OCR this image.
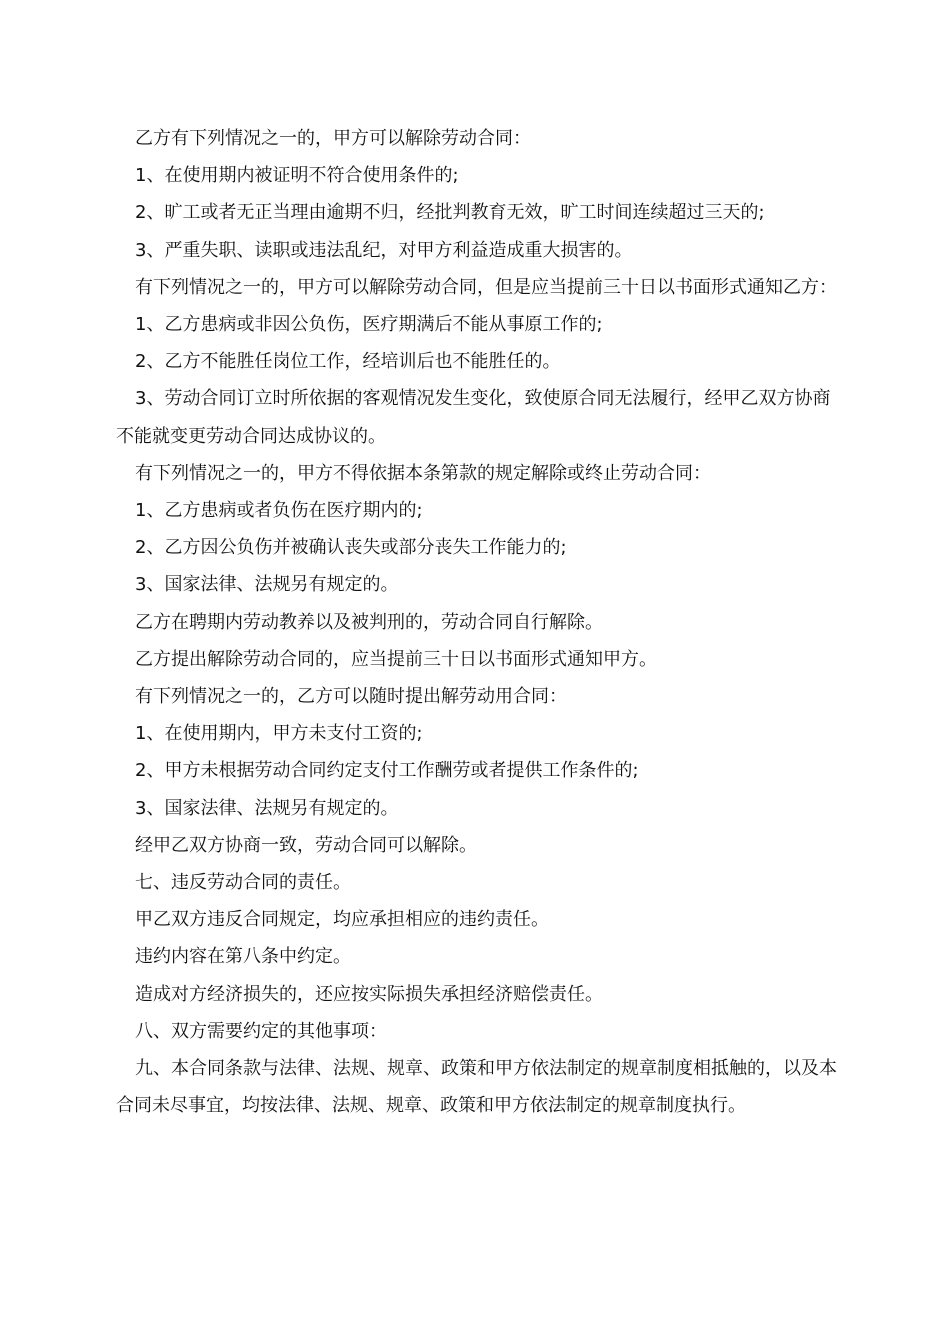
乙方有下列情况之一的，甲方可以解除劳动合同：

1、在使用期内被证明不符合使用条件的;

2、旷工或者无正当理由逾期不归，经批判教育无效，旷工时间连续超过三天的;

3、严重失职、读职或违法乱纪，对甲方利益造成重大损害的。

有下列情况之一的，甲方可以解除劳动合同，但是应当提前三十日以书面形式通知乙方：

1、乙方患病或非因公负伤，医疗期满后不能从事原工作的;

2、乙方不能胜任岗位工作，经培训后也不能胜任的。

3、劳动合同订立时所依据的客观情况发生变化，致使原合同无法履行，经甲乙双方协商不能就变更劳动合同达成协议的。

有下列情况之一的，甲方不得依据本条第款的规定解除或终止劳动合同：

1、乙方患病或者负伤在医疗期内的;

2、乙方因公负伤并被确认丧失或部分丧失工作能力的;

3、国家法律、法规另有规定的。

乙方在聘期内劳动教养以及被判刑的，劳动合同自行解除。

乙方提出解除劳动合同的，应当提前三十日以书面形式通知甲方。

有下列情况之一的，乙方可以随时提出解劳动用合同：

1、在使用期内，甲方未支付工资的;

2、甲方未根据劳动合同约定支付工作酬劳或者提供工作条件的;

3、国家法律、法规另有规定的。

经甲乙双方协商一致，劳动合同可以解除。

七、违反劳动合同的责任。

甲乙双方违反合同规定，均应承担相应的违约责任。

违约内容在第八条中约定。

造成对方经济损失的，还应按实际损失承担经济赔偿责任。

八、双方需要约定的其他事项：

九、本合同条款与法律、法规、规章、政策和甲方依法制定的规章制度相抵触的，以及本合同未尽事宜，均按法律、法规、规章、政策和甲方依法制定的规章制度执行。
